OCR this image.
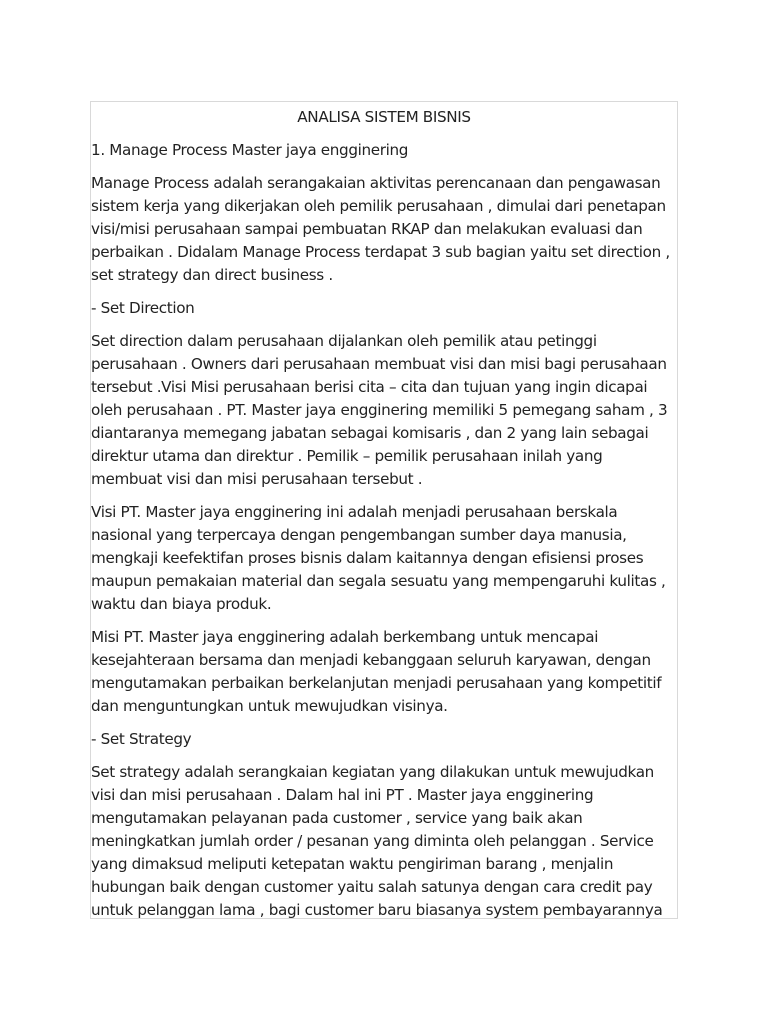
ANALISA SISTEM BISNIS

1. Manage Process Master jaya engginering

Manage Process adalah serangakaian aktivitas perencanaan dan pengawasan sistem kerja yang dikerjakan oleh pemilik perusahaan , dimulai dari penetapan visi/misi perusahaan sampai pembuatan RKAP dan melakukan evaluasi dan perbaikan . Didalam Manage Process terdapat 3 sub bagian yaitu set direction , set strategy dan direct business .

- Set Direction

Set direction dalam perusahaan dijalankan oleh pemilik atau petinggi perusahaan . Owners dari perusahaan membuat visi dan misi bagi perusahaan tersebut .Visi Misi perusahaan berisi cita – cita dan tujuan yang ingin dicapai oleh perusahaan . PT. Master jaya engginering memiliki 5 pemegang saham , 3 diantaranya memegang jabatan sebagai komisaris , dan 2 yang lain sebagai direktur utama dan direktur . Pemilik – pemilik perusahaan inilah yang membuat visi dan misi perusahaan tersebut .

Visi PT. Master jaya engginering ini adalah menjadi perusahaan berskala nasional yang terpercaya dengan pengembangan sumber daya manusia, mengkaji keefektifan proses bisnis dalam kaitannya dengan efisiensi proses maupun pemakaian material dan segala sesuatu yang mempengaruhi kulitas , waktu dan biaya produk.

Misi PT. Master jaya engginering adalah berkembang untuk mencapai kesejahteraan bersama dan menjadi kebanggaan seluruh karyawan, dengan mengutamakan perbaikan berkelanjutan menjadi perusahaan yang kompetitif dan menguntungkan untuk mewujudkan visinya.

- Set Strategy

Set strategy adalah serangkaian kegiatan yang dilakukan untuk mewujudkan visi dan misi perusahaan . Dalam hal ini PT . Master jaya engginering mengutamakan pelayanan pada customer , service yang baik akan meningkatkan jumlah order / pesanan yang diminta oleh pelanggan . Service yang dimaksud meliputi ketepatan waktu pengiriman barang , menjalin hubungan baik dengan customer yaitu salah satunya dengan cara credit pay untuk pelanggan lama , bagi customer baru biasanya system pembayarannya
